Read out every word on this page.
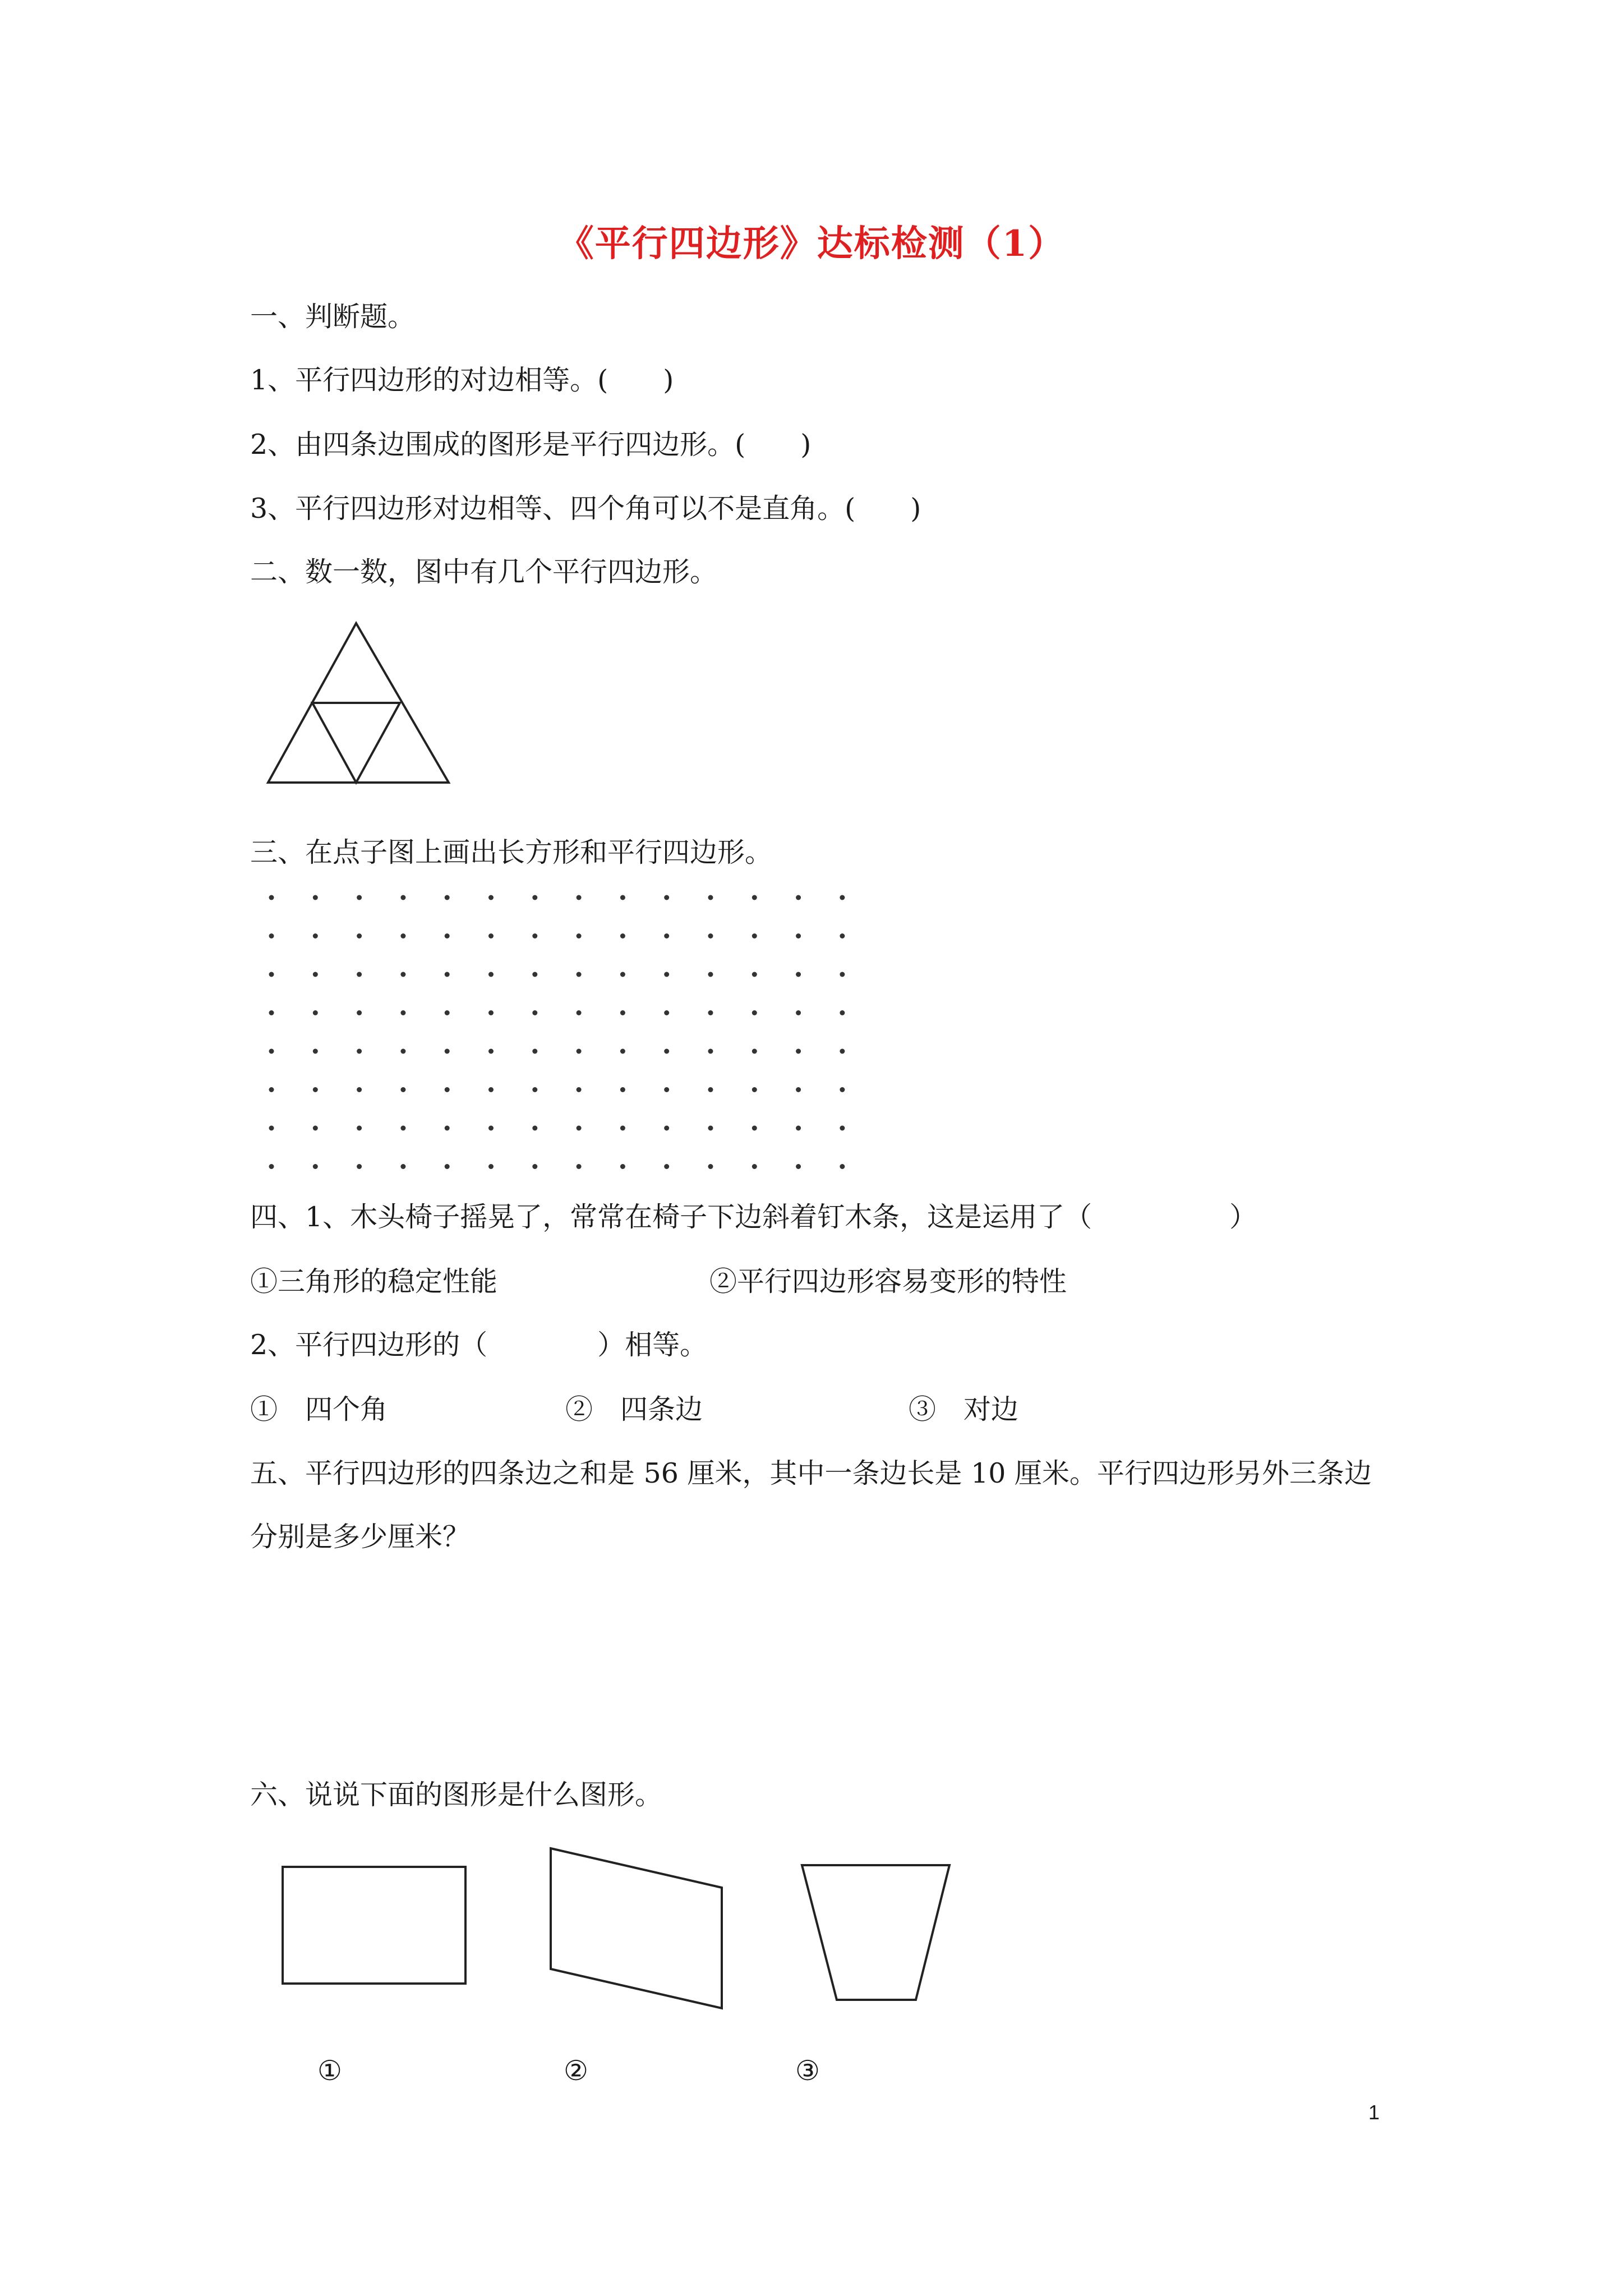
《平行四边形》达标检测（1）
一、判断题。
1、平行四边形的对边相等。(　　)
2、由四条边围成的图形是平行四边形。(　　)
3、平行四边形对边相等、四个角可以不是直角。(　　)
二、数一数，图中有几个平行四边形。
三、在点子图上画出长方形和平行四边形。
四、1、木头椅子摇晃了，常常在椅子下边斜着钉木条，这是运用了（　　　　　）
①三角形的稳定性能	②平行四边形容易变形的特性
2、平行四边形的（　　　　）相等。
①　四个角	②　四条边	③　对边
五、平行四边形的四条边之和是 56 厘米，其中一条边长是 10 厘米。平行四边形另外三条边
分别是多少厘米？
六、说说下面的图形是什么图形。
①	②	③
1
